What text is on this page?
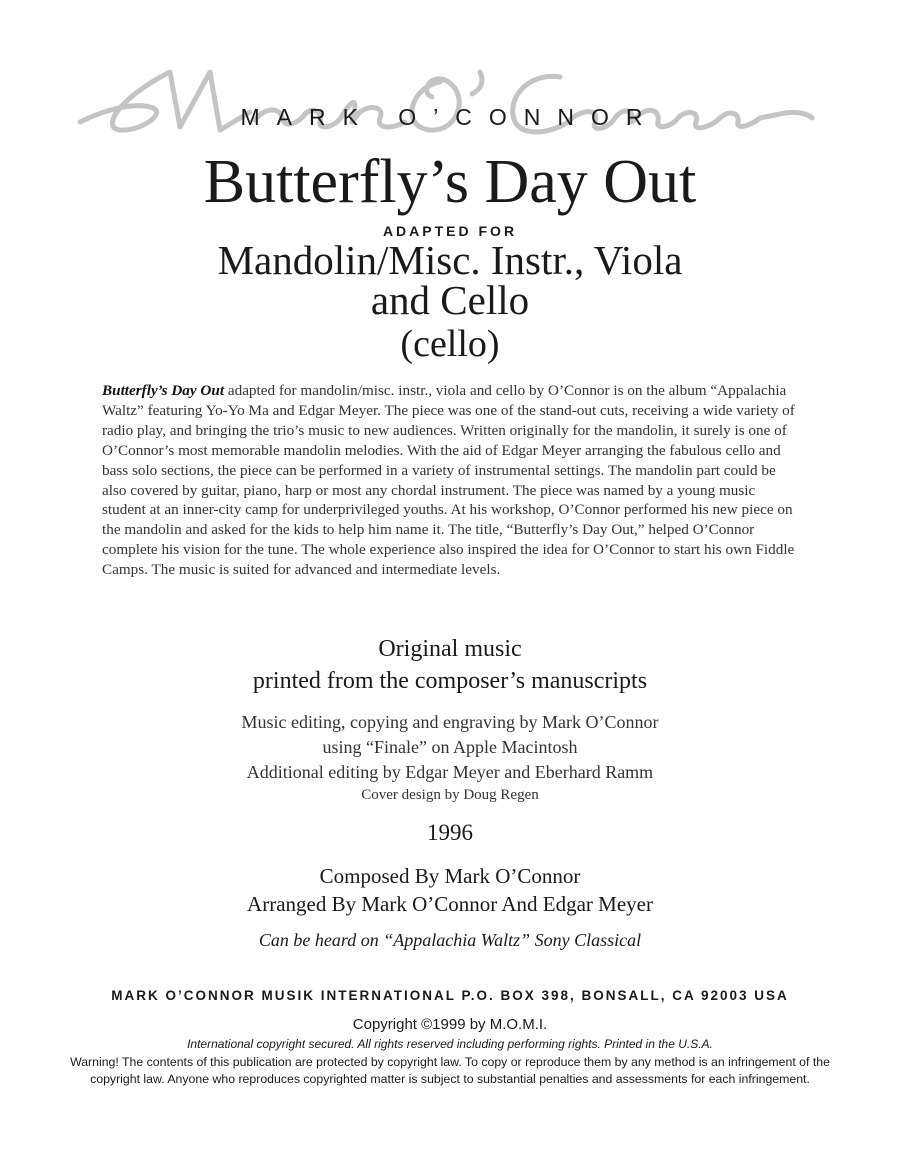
MARK O’CONNOR
Butterfly’s Day Out
ADAPTED FOR
Mandolin/Misc. Instr., Viola
and Cello
(cello)
Butterfly’s Day Out adapted for mandolin/misc. instr., viola and cello by O’Connor is on the album “Appalachia Waltz” featuring Yo-Yo Ma and Edgar Meyer. The piece was one of the stand-out cuts, receiving a wide variety of radio play, and bringing the trio’s music to new audiences. Written originally for the mandolin, it surely is one of O’Connor’s most memorable mandolin melodies. With the aid of Edgar Meyer arranging the fabulous cello and bass solo sections, the piece can be performed in a variety of instrumental settings. The mandolin part could be also covered by guitar, piano, harp or most any chordal instrument. The piece was named by a young music student at an inner-city camp for underprivileged youths. At his workshop, O’Connor performed his new piece on the mandolin and asked for the kids to help him name it. The title, “Butterfly’s Day Out,” helped O’Connor complete his vision for the tune. The whole experience also inspired the idea for O’Connor to start his own Fiddle Camps. The music is suited for advanced and intermediate levels.
Original music
printed from the composer’s manuscripts
Music editing, copying and engraving by Mark O’Connor
using “Finale” on Apple Macintosh
Additional editing by Edgar Meyer and Eberhard Ramm
Cover design by Doug Regen
1996
Composed By Mark O’Connor
Arranged By Mark O’Connor And Edgar Meyer
Can be heard on “Appalachia Waltz” Sony Classical
MARK O’CONNOR MUSIK INTERNATIONAL P.O. BOX 398, BONSALL, CA 92003 USA
Copyright ©1999 by M.O.M.I.
International copyright secured. All rights reserved including performing rights. Printed in the U.S.A.
Warning! The contents of this publication are protected by copyright law. To copy or reproduce them by any method is an infringement of the copyright law. Anyone who reproduces copyrighted matter is subject to substantial penalties and assessments for each infringement.
